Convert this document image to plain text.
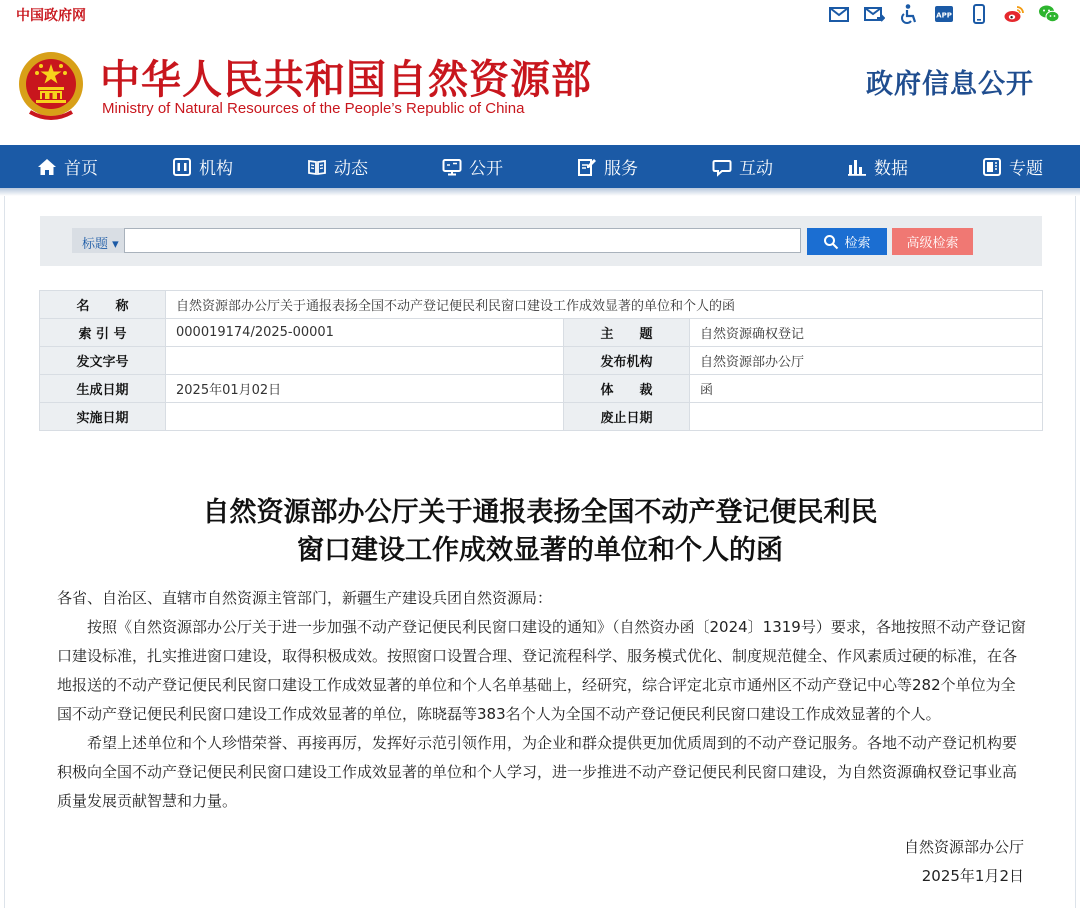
中国政府网	APP
中华人民共和国自然资源部
Ministry of Natural Resources of the People’s Republic of China
政府信息公开
首页	机构	动态	公开	服务	互动	数据	专题
标题 ▾	检索	高级检索
名　　称	自然资源部办公厅关于通报表扬全国不动产登记便民利民窗口建设工作成效显著的单位和个人的函		
索 引 号	000019174/2025-00001	主　　题	自然资源确权登记
发文字号		发布机构	自然资源部办公厅
生成日期	2025年01月02日	体　　裁	函
实施日期		废止日期	
自然资源部办公厅关于通报表扬全国不动产登记便民利民
窗口建设工作成效显著的单位和个人的函

各省、自治区、直辖市自然资源主管部门，新疆生产建设兵团自然资源局：

按照《自然资源部办公厅关于进一步加强不动产登记便民利民窗口建设的通知》（自然资办函〔2024〕1319号）要求，各地按照不动产登记窗口建设标准，扎实推进窗口建设，取得积极成效。按照窗口设置合理、登记流程科学、服务模式优化、制度规范健全、作风素质过硬的标准，在各地报送的不动产登记便民利民窗口建设工作成效显著的单位和个人名单基础上，经研究，综合评定北京市通州区不动产登记中心等282个单位为全国不动产登记便民利民窗口建设工作成效显著的单位，陈晓磊等383名个人为全国不动产登记便民利民窗口建设工作成效显著的个人。

希望上述单位和个人珍惜荣誉、再接再厉，发挥好示范引领作用，为企业和群众提供更加优质周到的不动产登记服务。各地不动产登记机构要积极向全国不动产登记便民利民窗口建设工作成效显著的单位和个人学习，进一步推进不动产登记便民利民窗口建设，为自然资源确权登记事业高质量发展贡献智慧和力量。

自然资源部办公厅
2025年1月2日
